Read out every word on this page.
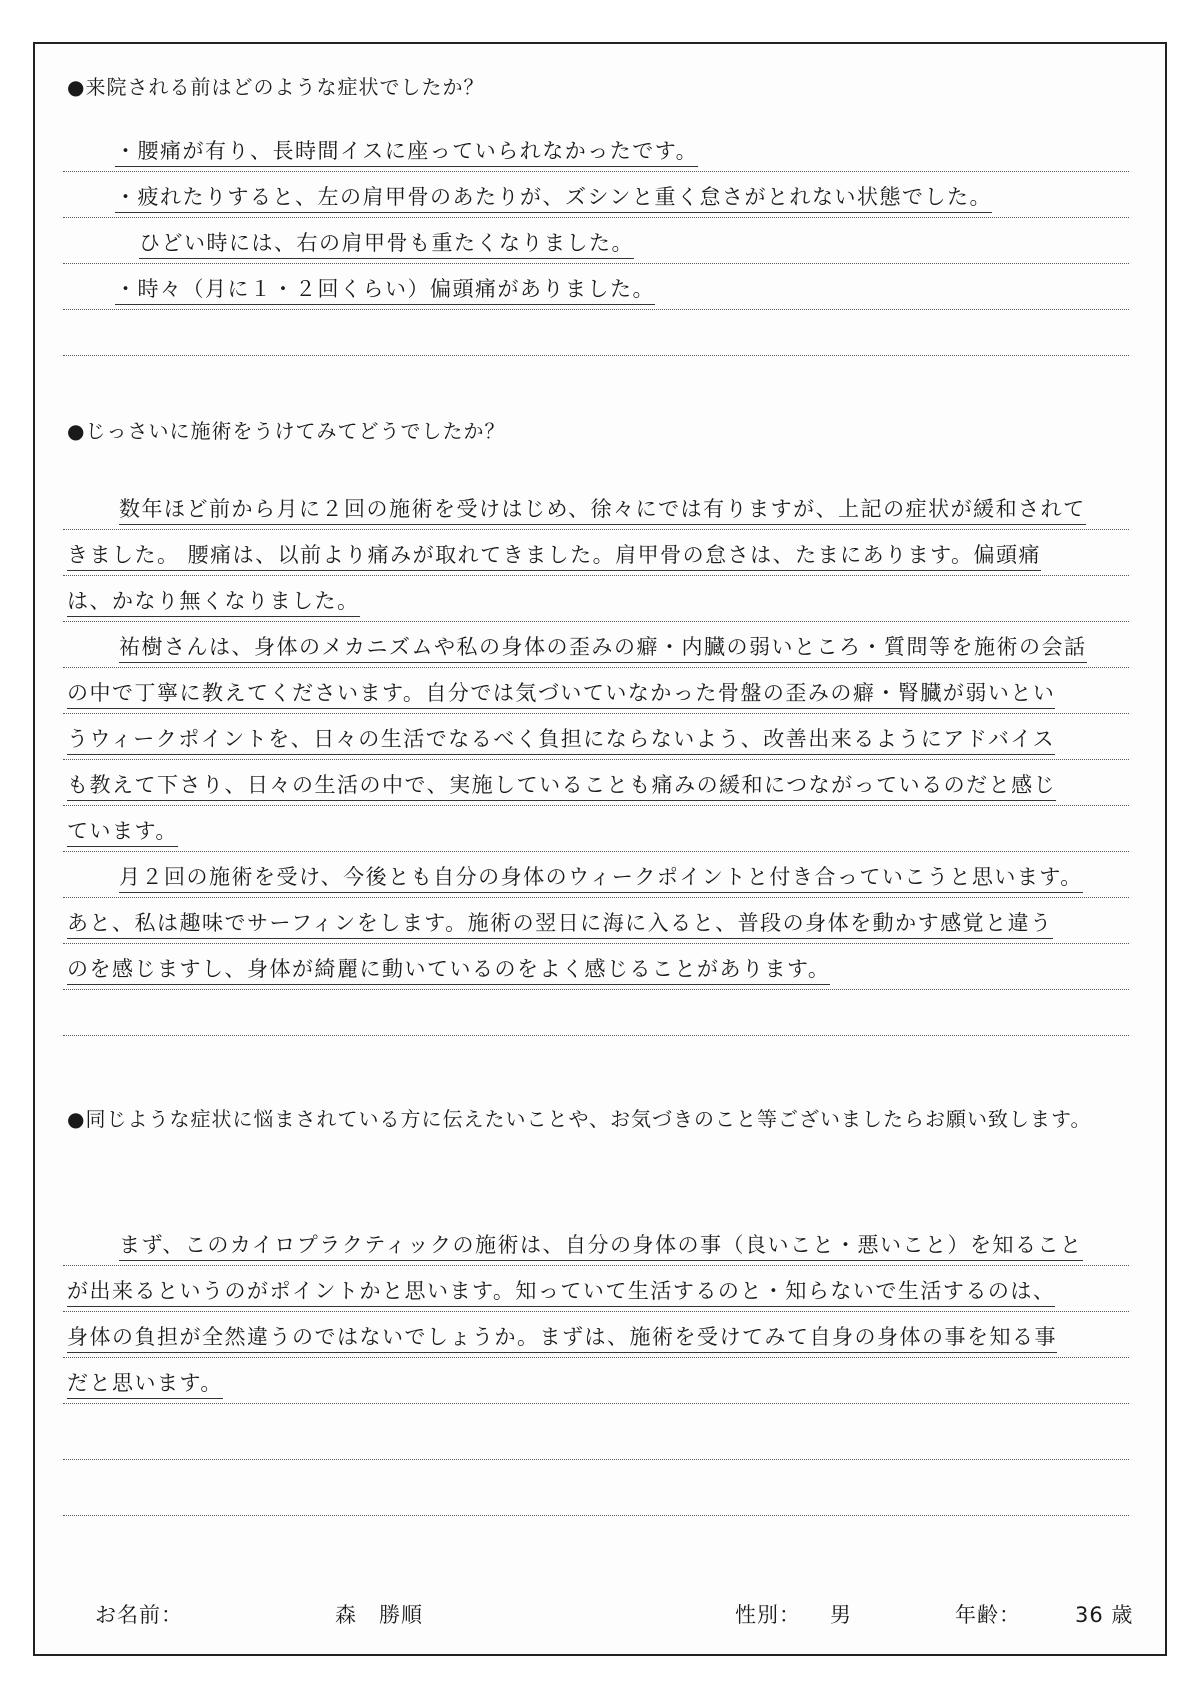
●来院される前はどのような症状でしたか？
・腰痛が有り、長時間イスに座っていられなかったです。
・疲れたりすると、左の肩甲骨のあたりが、ズシンと重く怠さがとれない状態でした。
ひどい時には、右の肩甲骨も重たくなりました。
・時々（月に１・２回くらい）偏頭痛がありました。
●じっさいに施術をうけてみてどうでしたか？
数年ほど前から月に２回の施術を受けはじめ、徐々にでは有りますが、上記の症状が緩和されて
きました。 腰痛は、以前より痛みが取れてきました。肩甲骨の怠さは、たまにあります。偏頭痛
は、かなり無くなりました。
祐樹さんは、身体のメカニズムや私の身体の歪みの癖・内臓の弱いところ・質問等を施術の会話
の中で丁寧に教えてくださいます。自分では気づいていなかった骨盤の歪みの癖・腎臓が弱いとい
うウィークポイントを、日々の生活でなるべく負担にならないよう、改善出来るようにアドバイス
も教えて下さり、日々の生活の中で、実施していることも痛みの緩和につながっているのだと感じ
ています。
月２回の施術を受け、今後とも自分の身体のウィークポイントと付き合っていこうと思います。
あと、私は趣味でサーフィンをします。施術の翌日に海に入ると、普段の身体を動かす感覚と違う
のを感じますし、身体が綺麗に動いているのをよく感じることがあります。
●同じような症状に悩まされている方に伝えたいことや、お気づきのこと等ございましたらお願い致します。
まず、このカイロプラクティックの施術は、自分の身体の事（良いこと・悪いこと）を知ること
が出来るというのがポイントかと思います。知っていて生活するのと・知らないで生活するのは、
身体の負担が全然違うのではないでしょうか。まずは、施術を受けてみて自身の身体の事を知る事
だと思います。
お名前：	森　勝順	性別： 男	年齢：	36 歳
